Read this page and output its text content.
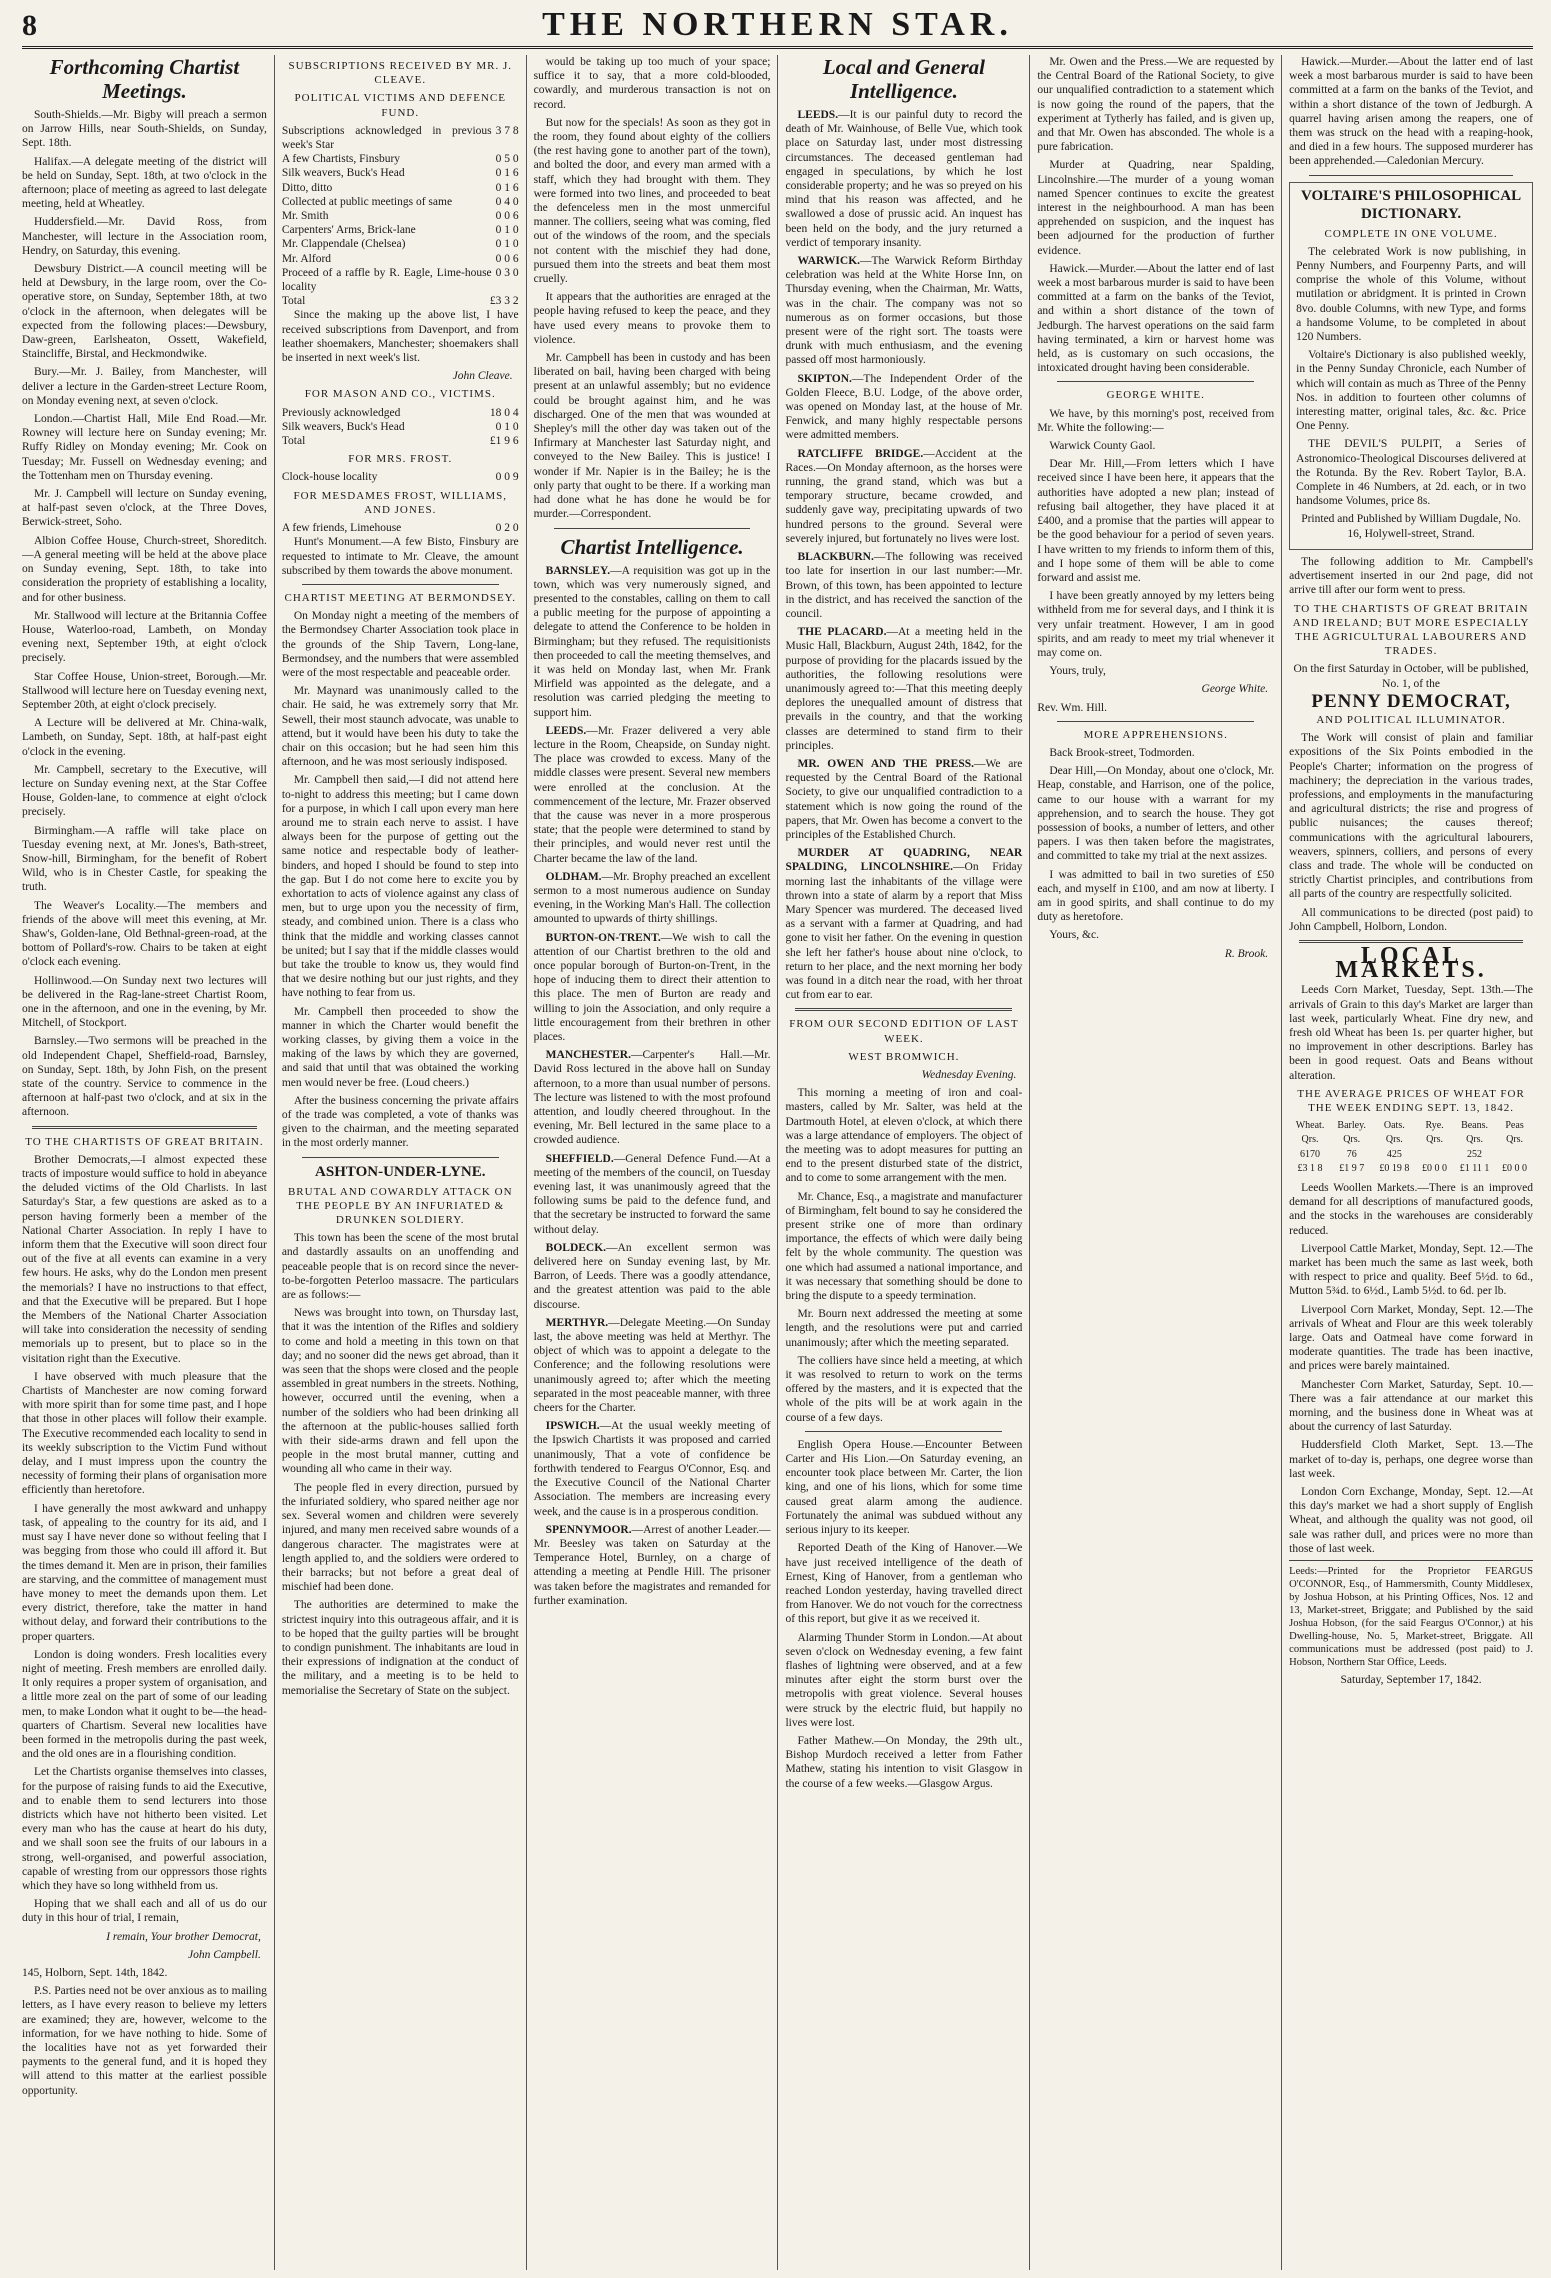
8	THE NORTHERN STAR.
Forthcoming Chartist Meetings.

South-Shields.—Mr. Bigby will preach a sermon on Jarrow Hills, near South-Shields, on Sunday, Sept. 18th.

Halifax.—A delegate meeting of the district will be held on Sunday, Sept. 18th, at two o'clock in the afternoon; place of meeting as agreed to last delegate meeting, held at Wheatley.

Huddersfield.—Mr. David Ross, from Manchester, will lecture in the Association room, Hendry, on Saturday, this evening.

Dewsbury District.—A council meeting will be held at Dewsbury, in the large room, over the Co-operative store, on Sunday, September 18th, at two o'clock in the afternoon, when delegates will be expected from the following places:—Dewsbury, Daw-green, Earlsheaton, Ossett, Wakefield, Staincliffe, Birstal, and Heckmondwike.

Bury.—Mr. J. Bailey, from Manchester, will deliver a lecture in the Garden-street Lecture Room, on Monday evening next, at seven o'clock.

London.—Chartist Hall, Mile End Road.—Mr. Rowney will lecture here on Sunday evening; Mr. Ruffy Ridley on Monday evening; Mr. Cook on Tuesday; Mr. Fussell on Wednesday evening; and the Tottenham men on Thursday evening.

Mr. J. Campbell will lecture on Sunday evening, at half-past seven o'clock, at the Three Doves, Berwick-street, Soho.

Albion Coffee House, Church-street, Shoreditch.—A general meeting will be held at the above place on Sunday evening, Sept. 18th, to take into consideration the propriety of establishing a locality, and for other business.

Mr. Stallwood will lecture at the Britannia Coffee House, Waterloo-road, Lambeth, on Monday evening next, September 19th, at eight o'clock precisely.

Star Coffee House, Union-street, Borough.—Mr. Stallwood will lecture here on Tuesday evening next, September 20th, at eight o'clock precisely.

A Lecture will be delivered at Mr. China-walk, Lambeth, on Sunday, Sept. 18th, at half-past eight o'clock in the evening.

Mr. Campbell, secretary to the Executive, will lecture on Sunday evening next, at the Star Coffee House, Golden-lane, to commence at eight o'clock precisely.

Birmingham.—A raffle will take place on Tuesday evening next, at Mr. Jones's, Bath-street, Snow-hill, Birmingham, for the benefit of Robert Wild, who is in Chester Castle, for speaking the truth.

The Weaver's Locality.—The members and friends of the above will meet this evening, at Mr. Shaw's, Golden-lane, Old Bethnal-green-road, at the bottom of Pollard's-row. Chairs to be taken at eight o'clock each evening.

Hollinwood.—On Sunday next two lectures will be delivered in the Rag-lane-street Chartist Room, one in the afternoon, and one in the evening, by Mr. Mitchell, of Stockport.

Barnsley.—Two sermons will be preached in the old Independent Chapel, Sheffield-road, Barnsley, on Sunday, Sept. 18th, by John Fish, on the present state of the country. Service to commence in the afternoon at half-past two o'clock, and at six in the afternoon.

TO THE CHARTISTS OF GREAT BRITAIN.

Brother Democrats,—I almost expected these tracts of imposture would suffice to hold in abeyance the deluded victims of the Old Charlists. In last Saturday's Star, a few questions are asked as to a person having formerly been a member of the National Charter Association. In reply I have to inform them that the Executive will soon direct four out of the five at all events can examine in a very few hours. He asks, why do the London men present the memorials? I have no instructions to that effect, and that the Executive will be prepared. But I hope the Members of the National Charter Association will take into consideration the necessity of sending memorials up to present, but to place so in the visitation right than the Executive.

I have observed with much pleasure that the Chartists of Manchester are now coming forward with more spirit than for some time past, and I hope that those in other places will follow their example. The Executive recommended each locality to send in its weekly subscription to the Victim Fund without delay, and I must impress upon the country the necessity of forming their plans of organisation more efficiently than heretofore.

I have generally the most awkward and unhappy task, of appealing to the country for its aid, and I must say I have never done so without feeling that I was begging from those who could ill afford it. But the times demand it. Men are in prison, their families are starving, and the committee of management must have money to meet the demands upon them. Let every district, therefore, take the matter in hand without delay, and forward their contributions to the proper quarters.

London is doing wonders. Fresh localities every night of meeting. Fresh members are enrolled daily. It only requires a proper system of organisation, and a little more zeal on the part of some of our leading men, to make London what it ought to be—the head-quarters of Chartism. Several new localities have been formed in the metropolis during the past week, and the old ones are in a flourishing condition.

Let the Chartists organise themselves into classes, for the purpose of raising funds to aid the Executive, and to enable them to send lecturers into those districts which have not hitherto been visited. Let every man who has the cause at heart do his duty, and we shall soon see the fruits of our labours in a strong, well-organised, and powerful association, capable of wresting from our oppressors those rights which they have so long withheld from us.

Hoping that we shall each and all of us do our duty in this hour of trial, I remain,

I remain, Your brother Democrat,
John Campbell.

145, Holborn, Sept. 14th, 1842.

P.S. Parties need not be over anxious as to mailing letters, as I have every reason to believe my letters are examined; they are, however, welcome to the information, for we have nothing to hide. Some of the localities have not as yet forwarded their payments to the general fund, and it is hoped they will attend to this matter at the earliest possible opportunity.

SUBSCRIPTIONS RECEIVED BY MR. J. CLEAVE.
POLITICAL VICTIMS AND DEFENCE FUND.
Subscriptions acknowledged in previous week's Star
3 7 8
A few Chartists, Finsbury	0 5 0
Silk weavers, Buck's Head	0 1 6
Ditto, ditto	0 1 6
Collected at public meetings of same	0 4 0
Mr. Smith	0 0 6
Carpenters' Arms, Brick-lane	0 1 0
Mr. Clappendale (Chelsea)	0 1 0
Mr. Alford	0 0 6
Proceed of a raffle by R. Eagle, Lime-house locality
0 3 0
Total	£3 3 2

Since the making up the above list, I have received subscriptions from Davenport, and from leather shoemakers, Manchester; shoemakers shall be inserted in next week's list.

John Cleave.
FOR MASON AND CO., VICTIMS.
Previously acknowledged	18 0 4
Silk weavers, Buck's Head	0 1 0
Total	£1 9 6
FOR MRS. FROST.
Clock-house locality	0 0 9
FOR MESDAMES FROST, WILLIAMS, AND JONES.
A few friends, Limehouse	0 2 0

Hunt's Monument.—A few Bisto, Finsbury are requested to intimate to Mr. Cleave, the amount subscribed by them towards the above monument.

CHARTIST MEETING AT BERMONDSEY.

On Monday night a meeting of the members of the Bermondsey Charter Association took place in the grounds of the Ship Tavern, Long-lane, Bermondsey, and the numbers that were assembled were of the most respectable and peaceable order.

Mr. Maynard was unanimously called to the chair. He said, he was extremely sorry that Mr. Sewell, their most staunch advocate, was unable to attend, but it would have been his duty to take the chair on this occasion; but he had seen him this afternoon, and he was most seriously indisposed.

Mr. Campbell then said,—I did not attend here to-night to address this meeting; but I came down for a purpose, in which I call upon every man here around me to strain each nerve to assist. I have always been for the purpose of getting out the same notice and respectable body of leather-binders, and hoped I should be found to step into the gap. But I do not come here to excite you by exhortation to acts of violence against any class of men, but to urge upon you the necessity of firm, steady, and combined union. There is a class who think that the middle and working classes cannot be united; but I say that if the middle classes would but take the trouble to know us, they would find that we desire nothing but our just rights, and they have nothing to fear from us.

Mr. Campbell then proceeded to show the manner in which the Charter would benefit the working classes, by giving them a voice in the making of the laws by which they are governed, and said that until that was obtained the working men would never be free. (Loud cheers.)

After the business concerning the private affairs of the trade was completed, a vote of thanks was given to the chairman, and the meeting separated in the most orderly manner.

ASHTON-UNDER-LYNE.
BRUTAL AND COWARDLY ATTACK ON THE PEOPLE BY AN INFURIATED & DRUNKEN SOLDIERY.

This town has been the scene of the most brutal and dastardly assaults on an unoffending and peaceable people that is on record since the never-to-be-forgotten Peterloo massacre. The particulars are as follows:—

News was brought into town, on Thursday last, that it was the intention of the Rifles and soldiery to come and hold a meeting in this town on that day; and no sooner did the news get abroad, than it was seen that the shops were closed and the people assembled in great numbers in the streets. Nothing, however, occurred until the evening, when a number of the soldiers who had been drinking all the afternoon at the public-houses sallied forth with their side-arms drawn and fell upon the people in the most brutal manner, cutting and wounding all who came in their way.

The people fled in every direction, pursued by the infuriated soldiery, who spared neither age nor sex. Several women and children were severely injured, and many men received sabre wounds of a dangerous character. The magistrates were at length applied to, and the soldiers were ordered to their barracks; but not before a great deal of mischief had been done.

The authorities are determined to make the strictest inquiry into this outrageous affair, and it is to be hoped that the guilty parties will be brought to condign punishment. The inhabitants are loud in their expressions of indignation at the conduct of the military, and a meeting is to be held to memorialise the Secretary of State on the subject.

would be taking up too much of your space; suffice it to say, that a more cold-blooded, cowardly, and murderous transaction is not on record.

But now for the specials! As soon as they got in the room, they found about eighty of the colliers (the rest having gone to another part of the town), and bolted the door, and every man armed with a staff, which they had brought with them. They were formed into two lines, and proceeded to beat the defenceless men in the most unmerciful manner. The colliers, seeing what was coming, fled out of the windows of the room, and the specials not content with the mischief they had done, pursued them into the streets and beat them most cruelly.

It appears that the authorities are enraged at the people having refused to keep the peace, and they have used every means to provoke them to violence.

Mr. Campbell has been in custody and has been liberated on bail, having been charged with being present at an unlawful assembly; but no evidence could be brought against him, and he was discharged. One of the men that was wounded at Shepley's mill the other day was taken out of the Infirmary at Manchester last Saturday night, and conveyed to the New Bailey. This is justice! I wonder if Mr. Napier is in the Bailey; he is the only party that ought to be there. If a working man had done what he has done he would be for murder.—Correspondent.

Chartist Intelligence.

BARNSLEY.—A requisition was got up in the town, which was very numerously signed, and presented to the constables, calling on them to call a public meeting for the purpose of appointing a delegate to attend the Conference to be holden in Birmingham; but they refused. The requisitionists then proceeded to call the meeting themselves, and it was held on Monday last, when Mr. Frank Mirfield was appointed as the delegate, and a resolution was carried pledging the meeting to support him.

LEEDS.—Mr. Frazer delivered a very able lecture in the Room, Cheapside, on Sunday night. The place was crowded to excess. Many of the middle classes were present. Several new members were enrolled at the conclusion. At the commencement of the lecture, Mr. Frazer observed that the cause was never in a more prosperous state; that the people were determined to stand by their principles, and would never rest until the Charter became the law of the land.

OLDHAM.—Mr. Brophy preached an excellent sermon to a most numerous audience on Sunday evening, in the Working Man's Hall. The collection amounted to upwards of thirty shillings.

BURTON-ON-TRENT.—We wish to call the attention of our Chartist brethren to the old and once popular borough of Burton-on-Trent, in the hope of inducing them to direct their attention to this place. The men of Burton are ready and willing to join the Association, and only require a little encouragement from their brethren in other places.

MANCHESTER.—Carpenter's Hall.—Mr. David Ross lectured in the above hall on Sunday afternoon, to a more than usual number of persons. The lecture was listened to with the most profound attention, and loudly cheered throughout. In the evening, Mr. Bell lectured in the same place to a crowded audience.

SHEFFIELD.—General Defence Fund.—At a meeting of the members of the council, on Tuesday evening last, it was unanimously agreed that the following sums be paid to the defence fund, and that the secretary be instructed to forward the same without delay.

BOLDECK.—An excellent sermon was delivered here on Sunday evening last, by Mr. Barron, of Leeds. There was a goodly attendance, and the greatest attention was paid to the able discourse.

MERTHYR.—Delegate Meeting.—On Sunday last, the above meeting was held at Merthyr. The object of which was to appoint a delegate to the Conference; and the following resolutions were unanimously agreed to; after which the meeting separated in the most peaceable manner, with three cheers for the Charter.

IPSWICH.—At the usual weekly meeting of the Ipswich Chartists it was proposed and carried unanimously, That a vote of confidence be forthwith tendered to Feargus O'Connor, Esq. and the Executive Council of the National Charter Association. The members are increasing every week, and the cause is in a prosperous condition.

SPENNYMOOR.—Arrest of another Leader.—Mr. Beesley was taken on Saturday at the Temperance Hotel, Burnley, on a charge of attending a meeting at Pendle Hill. The prisoner was taken before the magistrates and remanded for further examination.

Local and General Intelligence.

LEEDS.—It is our painful duty to record the death of Mr. Wainhouse, of Belle Vue, which took place on Saturday last, under most distressing circumstances. The deceased gentleman had engaged in speculations, by which he lost considerable property; and he was so preyed on his mind that his reason was affected, and he swallowed a dose of prussic acid. An inquest has been held on the body, and the jury returned a verdict of temporary insanity.

WARWICK.—The Warwick Reform Birthday celebration was held at the White Horse Inn, on Thursday evening, when the Chairman, Mr. Watts, was in the chair. The company was not so numerous as on former occasions, but those present were of the right sort. The toasts were drunk with much enthusiasm, and the evening passed off most harmoniously.

SKIPTON.—The Independent Order of the Golden Fleece, B.U. Lodge, of the above order, was opened on Monday last, at the house of Mr. Fenwick, and many highly respectable persons were admitted members.

RATCLIFFE BRIDGE.—Accident at the Races.—On Monday afternoon, as the horses were running, the grand stand, which was but a temporary structure, became crowded, and suddenly gave way, precipitating upwards of two hundred persons to the ground. Several were severely injured, but fortunately no lives were lost.

BLACKBURN.—The following was received too late for insertion in our last number:—Mr. Brown, of this town, has been appointed to lecture in the district, and has received the sanction of the council.

THE PLACARD.—At a meeting held in the Music Hall, Blackburn, August 24th, 1842, for the purpose of providing for the placards issued by the authorities, the following resolutions were unanimously agreed to:—That this meeting deeply deplores the unequalled amount of distress that prevails in the country, and that the working classes are determined to stand firm to their principles.

MR. OWEN AND THE PRESS.—We are requested by the Central Board of the Rational Society, to give our unqualified contradiction to a statement which is now going the round of the papers, that Mr. Owen has become a convert to the principles of the Established Church.

MURDER AT QUADRING, NEAR SPALDING, LINCOLNSHIRE.—On Friday morning last the inhabitants of the village were thrown into a state of alarm by a report that Miss Mary Spencer was murdered. The deceased lived as a servant with a farmer at Quadring, and had gone to visit her father. On the evening in question she left her father's house about nine o'clock, to return to her place, and the next morning her body was found in a ditch near the road, with her throat cut from ear to ear.

FROM OUR SECOND EDITION OF LAST WEEK.
WEST BROMWICH.
Wednesday Evening.

This morning a meeting of iron and coal-masters, called by Mr. Salter, was held at the Dartmouth Hotel, at eleven o'clock, at which there was a large attendance of employers. The object of the meeting was to adopt measures for putting an end to the present disturbed state of the district, and to come to some arrangement with the men.

Mr. Chance, Esq., a magistrate and manufacturer of Birmingham, felt bound to say he considered the present strike one of more than ordinary importance, the effects of which were daily being felt by the whole community. The question was one which had assumed a national importance, and it was necessary that something should be done to bring the dispute to a speedy termination.

Mr. Bourn next addressed the meeting at some length, and the resolutions were put and carried unanimously; after which the meeting separated.

The colliers have since held a meeting, at which it was resolved to return to work on the terms offered by the masters, and it is expected that the whole of the pits will be at work again in the course of a few days.

English Opera House.—Encounter Between Carter and His Lion.—On Saturday evening, an encounter took place between Mr. Carter, the lion king, and one of his lions, which for some time caused great alarm among the audience. Fortunately the animal was subdued without any serious injury to its keeper.

Reported Death of the King of Hanover.—We have just received intelligence of the death of Ernest, King of Hanover, from a gentleman who reached London yesterday, having travelled direct from Hanover. We do not vouch for the correctness of this report, but give it as we received it.

Alarming Thunder Storm in London.—At about seven o'clock on Wednesday evening, a few faint flashes of lightning were observed, and at a few minutes after eight the storm burst over the metropolis with great violence. Several houses were struck by the electric fluid, but happily no lives were lost.

Father Mathew.—On Monday, the 29th ult., Bishop Murdoch received a letter from Father Mathew, stating his intention to visit Glasgow in the course of a few weeks.—Glasgow Argus.

Mr. Owen and the Press.—We are requested by the Central Board of the Rational Society, to give our unqualified contradiction to a statement which is now going the round of the papers, that the experiment at Tytherly has failed, and is given up, and that Mr. Owen has absconded. The whole is a pure fabrication.

Murder at Quadring, near Spalding, Lincolnshire.—The murder of a young woman named Spencer continues to excite the greatest interest in the neighbourhood. A man has been apprehended on suspicion, and the inquest has been adjourned for the production of further evidence.

Hawick.—Murder.—About the latter end of last week a most barbarous murder is said to have been committed at a farm on the banks of the Teviot, and within a short distance of the town of Jedburgh. The harvest operations on the said farm having terminated, a kirn or harvest home was held, as is customary on such occasions, the intoxicated drought having been considerable.

GEORGE WHITE.

We have, by this morning's post, received from Mr. White the following:—

Warwick County Gaol.

Dear Mr. Hill,—From letters which I have received since I have been here, it appears that the authorities have adopted a new plan; instead of refusing bail altogether, they have placed it at £400, and a promise that the parties will appear to be the good behaviour for a period of seven years. I have written to my friends to inform them of this, and I hope some of them will be able to come forward and assist me.

I have been greatly annoyed by my letters being withheld from me for several days, and I think it is very unfair treatment. However, I am in good spirits, and am ready to meet my trial whenever it may come on.

Yours, truly,

George White.

Rev. Wm. Hill.

MORE APPREHENSIONS.

Back Brook-street, Todmorden.

Dear Hill,—On Monday, about one o'clock, Mr. Heap, constable, and Harrison, one of the police, came to our house with a warrant for my apprehension, and to search the house. They got possession of books, a number of letters, and other papers. I was then taken before the magistrates, and committed to take my trial at the next assizes.

I was admitted to bail in two sureties of £50 each, and myself in £100, and am now at liberty. I am in good spirits, and shall continue to do my duty as heretofore.

Yours, &c.

R. Brook.

Hawick.—Murder.—About the latter end of last week a most barbarous murder is said to have been committed at a farm on the banks of the Teviot, and within a short distance of the town of Jedburgh. A quarrel having arisen among the reapers, one of them was struck on the head with a reaping-hook, and died in a few hours. The supposed murderer has been apprehended.—Caledonian Mercury.

VOLTAIRE'S PHILOSOPHICAL DICTIONARY.
COMPLETE IN ONE VOLUME.

The celebrated Work is now publishing, in Penny Numbers, and Fourpenny Parts, and will comprise the whole of this Volume, without mutilation or abridgment. It is printed in Crown 8vo. double Columns, with new Type, and forms a handsome Volume, to be completed in about 120 Numbers.

Voltaire's Dictionary is also published weekly, in the Penny Sunday Chronicle, each Number of which will contain as much as Three of the Penny Nos. in addition to fourteen other columns of interesting matter, original tales, &c. &c. Price One Penny.

THE DEVIL'S PULPIT, a Series of Astronomico-Theological Discourses delivered at the Rotunda. By the Rev. Robert Taylor, B.A. Complete in 46 Numbers, at 2d. each, or in two handsome Volumes, price 8s.

Printed and Published by William Dugdale, No. 16, Holywell-street, Strand.

The following addition to Mr. Campbell's advertisement inserted in our 2nd page, did not arrive till after our form went to press.

TO THE CHARTISTS OF GREAT BRITAIN AND IRELAND; BUT MORE ESPECIALLY THE AGRICULTURAL LABOURERS AND TRADES.

On the first Saturday in October, will be published, No. 1, of the

PENNY DEMOCRAT,
AND POLITICAL ILLUMINATOR.

The Work will consist of plain and familiar expositions of the Six Points embodied in the People's Charter; information on the progress of machinery; the depreciation in the various trades, professions, and employments in the manufacturing and agricultural districts; the rise and progress of public nuisances; the causes thereof; communications with the agricultural labourers, weavers, spinners, colliers, and persons of every class and trade. The whole will be conducted on strictly Chartist principles, and contributions from all parts of the country are respectfully solicited.

All communications to be directed (post paid) to John Campbell, Holborn, London.

LOCAL MARKETS.

Leeds Corn Market, Tuesday, Sept. 13th.—The arrivals of Grain to this day's Market are larger than last week, particularly Wheat. Fine dry new, and fresh old Wheat has been 1s. per quarter higher, but no improvement in other descriptions. Barley has been in good request. Oats and Beans without alteration.

THE AVERAGE PRICES OF WHEAT FOR THE WEEK ENDING SEPT. 13, 1842.
Wheat.	Barley.	Oats.	Rye.	Beans.	Peas
Qrs.	Qrs.	Qrs.	Qrs.	Qrs.	Qrs.
6170	76	425		252	
£3 1 8	£1 9 7	£0 19 8	£0 0 0	£1 11 1	£0 0 0

Leeds Woollen Markets.—There is an improved demand for all descriptions of manufactured goods, and the stocks in the warehouses are considerably reduced.

Liverpool Cattle Market, Monday, Sept. 12.—The market has been much the same as last week, both with respect to price and quality. Beef 5½d. to 6d., Mutton 5¾d. to 6½d., Lamb 5½d. to 6d. per lb.

Liverpool Corn Market, Monday, Sept. 12.—The arrivals of Wheat and Flour are this week tolerably large. Oats and Oatmeal have come forward in moderate quantities. The trade has been inactive, and prices were barely maintained.

Manchester Corn Market, Saturday, Sept. 10.—There was a fair attendance at our market this morning, and the business done in Wheat was at about the currency of last Saturday.

Huddersfield Cloth Market, Sept. 13.—The market of to-day is, perhaps, one degree worse than last week.

London Corn Exchange, Monday, Sept. 12.—At this day's market we had a short supply of English Wheat, and although the quality was not good, oil sale was rather dull, and prices were no more than those of last week.

Leeds:—Printed for the Proprietor FEARGUS O'CONNOR, Esq., of Hammersmith, County Middlesex, by Joshua Hobson, at his Printing Offices, Nos. 12 and 13, Market-street, Briggate; and Published by the said Joshua Hobson, (for the said Feargus O'Connor,) at his Dwelling-house, No. 5, Market-street, Briggate. All communications must be addressed (post paid) to J. Hobson, Northern Star Office, Leeds.

Saturday, September 17, 1842.
